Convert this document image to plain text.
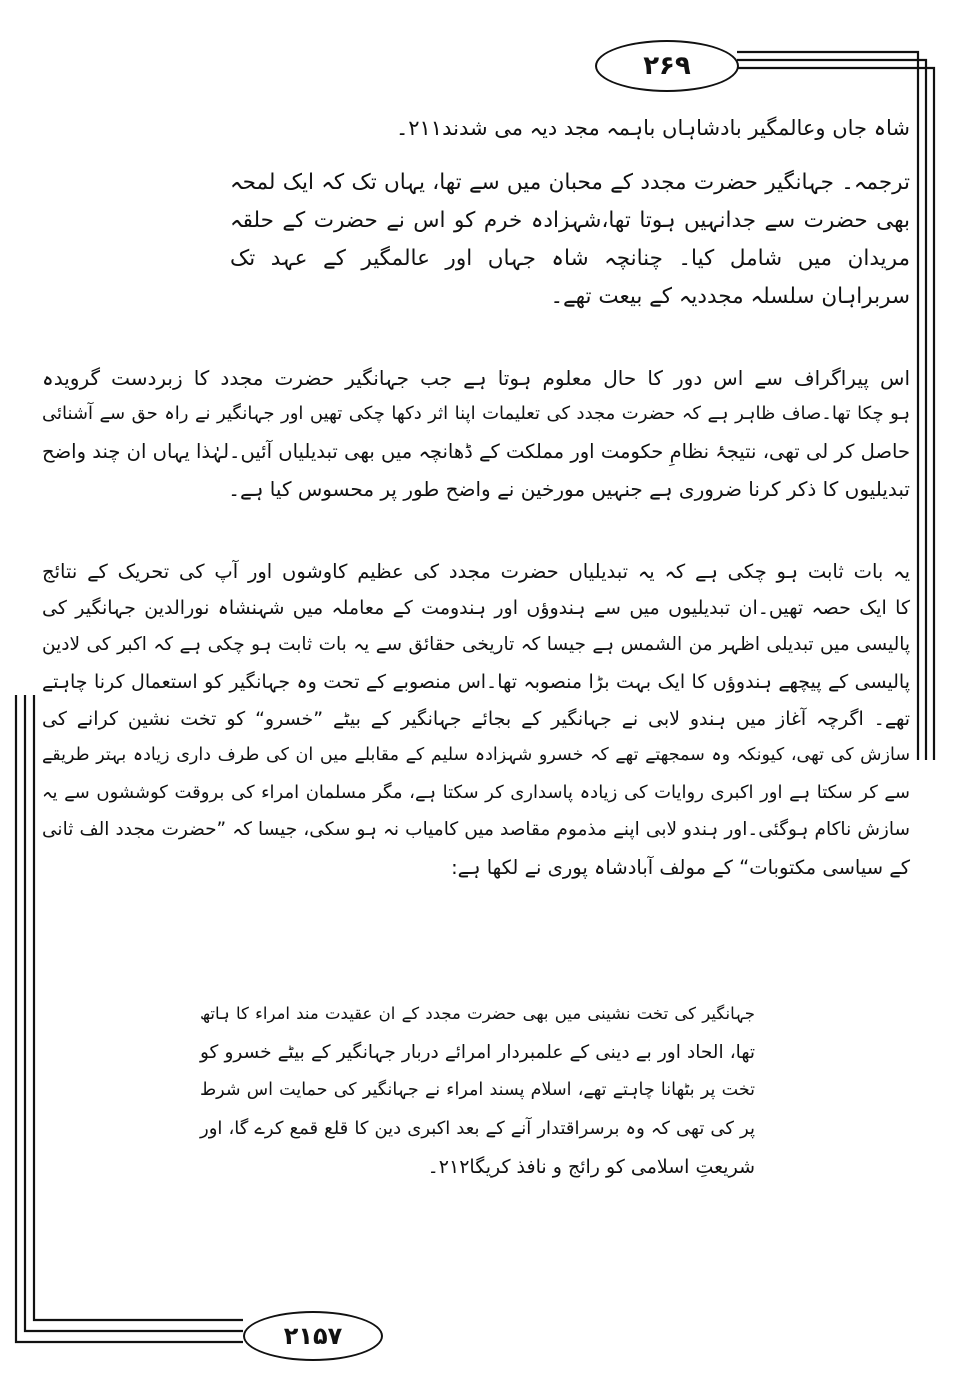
۲۶۹
۲۱۵۷
شاہ جاں وعالمگیر بادشاہاں باہمہ مجد دیہ می شدند۲۱۱۔
ترجمہ۔ جہانگیر حضرت مجدد کے محبان میں سے تھا، یہاں تک کہ ایک لمحہ
بھی حضرت سے جدانہیں ہوتا تھا،شہزادہ خرم کو اس نے حضرت کے حلقہ
مریدان میں شامل کیا۔ چنانچہ شاہ جہاں اور عالمگیر کے عہد تک
سربراہان سلسلہ مجددیہ کے بیعت تھے۔
اس پیراگراف سے اس دور کا حال معلوم ہوتا ہے جب جہانگیر حضرت مجدد کا زبردست گرویدہ
ہو چکا تھا۔صاف ظاہر ہے کہ حضرت مجدد کی تعلیمات اپنا اثر دکھا چکی تھیں اور جہانگیر نے راہ حق سے آشنائی
حاصل کر لی تھی، نتیجۂ نظامِ حکومت اور مملکت کے ڈھانچہ میں بھی تبدیلیاں آئیں۔لہٰذا یہاں ان چند واضح
تبدیلیوں کا ذکر کرنا ضروری ہے جنہیں مورخین نے واضح طور پر محسوس کیا ہے۔
یہ بات ثابت ہو چکی ہے کہ یہ تبدیلیاں حضرت مجدد کی عظیم کاوشوں اور آپ کی تحریک کے نتائج
کا ایک حصہ تھیں۔ان تبدیلیوں میں سے ہندوؤں اور ہندومت کے معاملہ میں شہنشاہ نورالدین جہانگیر کی
پالیسی میں تبدیلی اظہر من الشمس ہے جیسا کہ تاریخی حقائق سے یہ بات ثابت ہو چکی ہے کہ اکبر کی لادین
پالیسی کے پیچھے ہندوؤں کا ایک بہت بڑا منصوبہ تھا۔اس منصوبے کے تحت وہ جہانگیر کو استعمال کرنا چاہتے
تھے۔ اگرچہ آغاز میں ہندو لابی نے جہانگیر کے بجائے جہانگیر کے بیٹے ”خسرو“ کو تخت نشین کرانے کی
سازش کی تھی، کیونکہ وہ سمجھتے تھے کہ خسرو شہزادہ سلیم کے مقابلے میں ان کی طرف داری زیادہ بہتر طریقے
سے کر سکتا ہے اور اکبری روایات کی زیادہ پاسداری کر سکتا ہے، مگر مسلمان امراء کی بروقت کوششوں سے یہ
سازش ناکام ہوگئی۔اور ہندو لابی اپنے مذموم مقاصد میں کامیاب نہ ہو سکی، جیسا کہ ”حضرت مجدد الف ثانی
کے سیاسی مکتوبات“ کے مولف آبادشاہ پوری نے لکھا ہے:
جہانگیر کی تخت نشینی میں بھی حضرت مجدد کے ان عقیدت مند امراء کا ہاتھ
تھا، الحاد اور بے دینی کے علمبردار امرائے دربار جہانگیر کے بیٹے خسرو کو
تخت پر بٹھانا چاہتے تھے، اسلام پسند امراء نے جہانگیر کی حمایت اس شرط
پر کی تھی کہ وہ برسراقتدار آنے کے بعد اکبری دین کا قلع قمع کرے گا، اور
شریعتِ اسلامی کو رائج و نافذ کریگا۲۱۲۔
